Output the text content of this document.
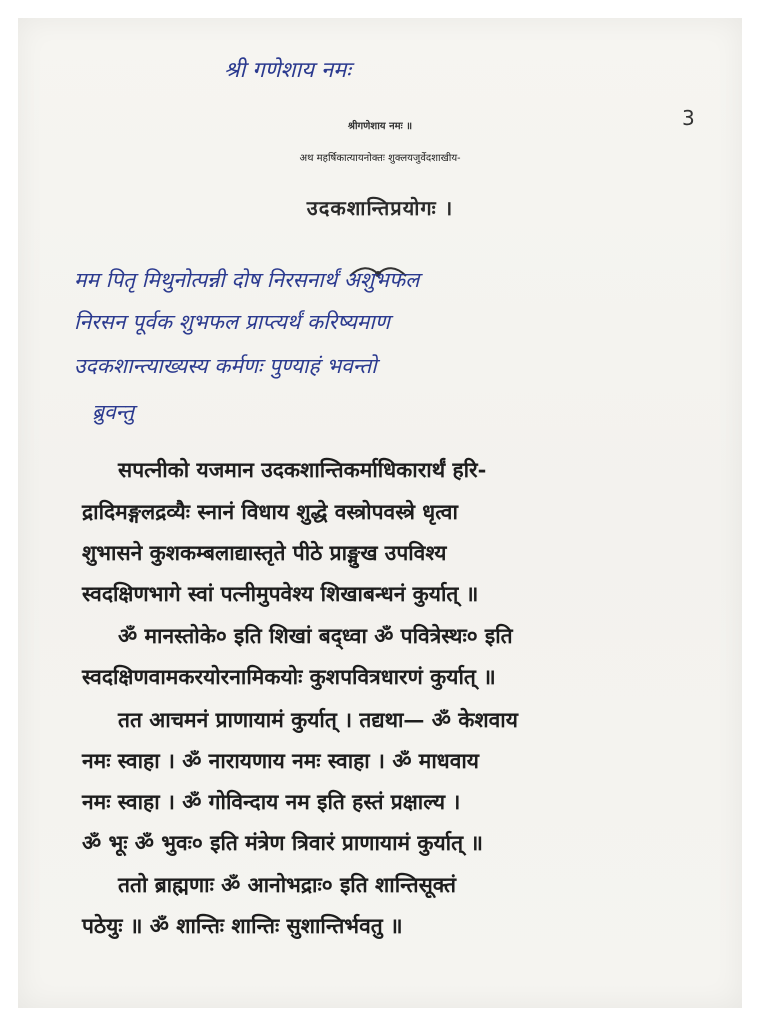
श्री गणेशाय नमः
3
श्रीगणेशाय नमः ॥
अथ महर्षिकात्यायनोक्तः शुक्लयजुर्वेदशाखीय-
उदकशान्तिप्रयोगः ।
मम पितृ मिथुनोत्पन्नी दोष निरसनार्थं अशुभफल
निरसन पूर्वक शुभफल प्राप्त्यर्थं करिष्यमाण
उदकशान्त्याख्यस्य कर्मणः पुण्याहं भवन्तो
ब्रुवन्तु
सपत्नीको यजमान उदकशान्तिकर्माधिकारार्थं हरि-
द्रादिमङ्गलद्रव्यैः स्नानं विधाय शुद्धे वस्त्रोपवस्त्रे धृत्वा
शुभासने कुशकम्बलाद्यास्तृते पीठे प्राङ्मुख उपविश्य
स्वदक्षिणभागे स्वां पत्नीमुपवेश्य शिखाबन्धनं कुर्यात् ॥
ॐ मानस्तोके० इति शिखां बद्ध्वा ॐ पवित्रेस्थः० इति
स्वदक्षिणवामकरयोरनामिकयोः कुशपवित्रधारणं कुर्यात् ॥
तत आचमनं प्राणायामं कुर्यात् । तद्यथा— ॐ केशवाय
नमः स्वाहा । ॐ नारायणाय नमः स्वाहा । ॐ माधवाय
नमः स्वाहा । ॐ गोविन्दाय नम इति हस्तं प्रक्षाल्य ।
ॐ भूः ॐ भुवः० इति मंत्रेण त्रिवारं प्राणायामं कुर्यात् ॥
ततो ब्राह्मणाः ॐ आनोभद्राः० इति शान्तिसूक्तं
पठेयुः ॥ ॐ शान्तिः शान्तिः सुशान्तिर्भवतु ॥
